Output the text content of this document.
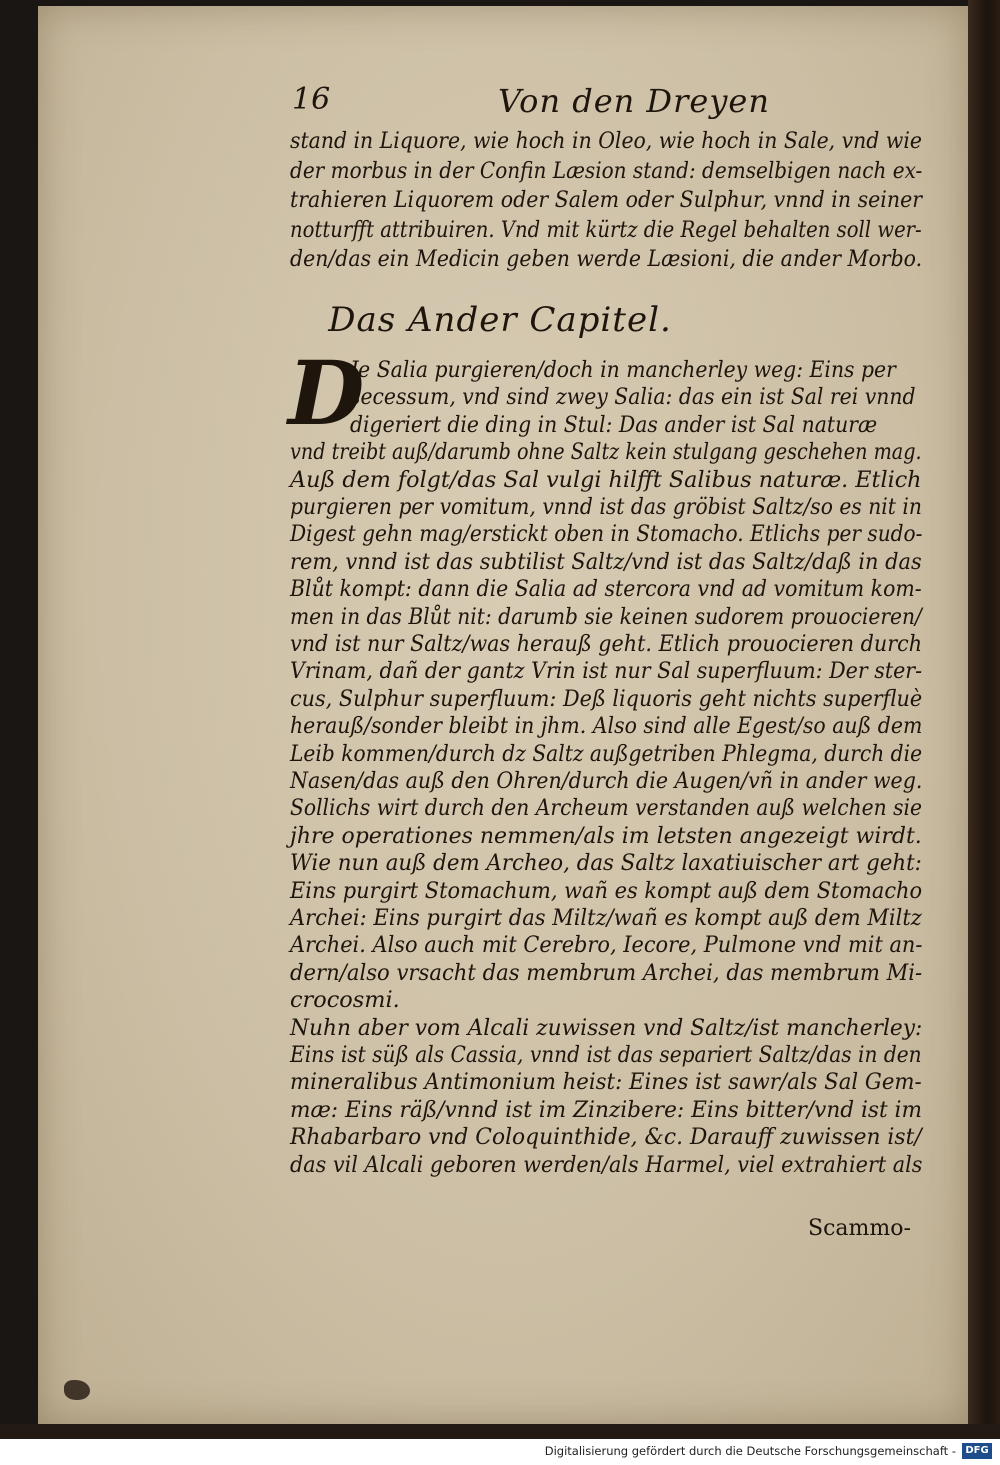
16	Von den Dreyen
stand in Liquore, wie hoch in Oleo, wie hoch in Sale, vnd wie
der morbus in der Confin Læsion stand: demselbigen nach ex-
trahieren Liquorem oder Salem oder Sulphur, vnnd in seiner
notturfft attribuiren. Vnd mit kürtz die Regel behalten soll wer-
den/das ein Medicin geben werde Læsioni, die ander Morbo.
Das Ander Capitel.
D
Je Salia purgieren/doch in mancherley weg: Eins per
secessum, vnd sind zwey Salia: das ein ist Sal rei vnnd
digeriert die ding in Stul: Das ander ist Sal naturæ
vnd treibt auß/darumb ohne Saltz kein stulgang geschehen mag.
Auß dem folgt/das Sal vulgi hilfft Salibus naturæ. Etlich
purgieren per vomitum, vnnd ist das gröbist Saltz/so es nit in
Digest gehn mag/erstickt oben in Stomacho. Etlichs per sudo-
rem, vnnd ist das subtilist Saltz/vnd ist das Saltz/daß in das
Blůt kompt: dann die Salia ad stercora vnd ad vomitum kom-
men in das Blůt nit: darumb sie keinen sudorem prouocieren/
vnd ist nur Saltz/was herauß geht. Etlich prouocieren durch
Vrinam, dañ der gantz Vrin ist nur Sal superfluum: Der ster-
cus, Sulphur superfluum: Deß liquoris geht nichts superfluè
herauß/sonder bleibt in jhm. Also sind alle Egest/so auß dem
Leib kommen/durch dz Saltz außgetriben Phlegma, durch die
Nasen/das auß den Ohren/durch die Augen/vñ in ander weg.
Sollichs wirt durch den Archeum verstanden auß welchen sie
jhre operationes nemmen/als im letsten angezeigt wirdt.
Wie nun auß dem Archeo, das Saltz laxatiuischer art geht:
Eins purgirt Stomachum, wañ es kompt auß dem Stomacho
Archei: Eins purgirt das Miltz/wañ es kompt auß dem Miltz
Archei. Also auch mit Cerebro, Iecore, Pulmone vnd mit an-
dern/also vrsacht das membrum Archei, das membrum Mi-
crocosmi.
Nuhn aber vom Alcali zuwissen vnd Saltz/ist mancherley:
Eins ist süß als Cassia, vnnd ist das separiert Saltz/das in den
mineralibus Antimonium heist: Eines ist sawr/als Sal Gem-
mæ: Eins räß/vnnd ist im Zinzibere: Eins bitter/vnd ist im
Rhabarbaro vnd Coloquinthide, &c. Darauff zuwissen ist/
das vil Alcali geboren werden/als Harmel, viel extrahiert als
Scammo-
Digitalisierung gefördert durch die Deutsche Forschungsgemeinschaft - DFG
